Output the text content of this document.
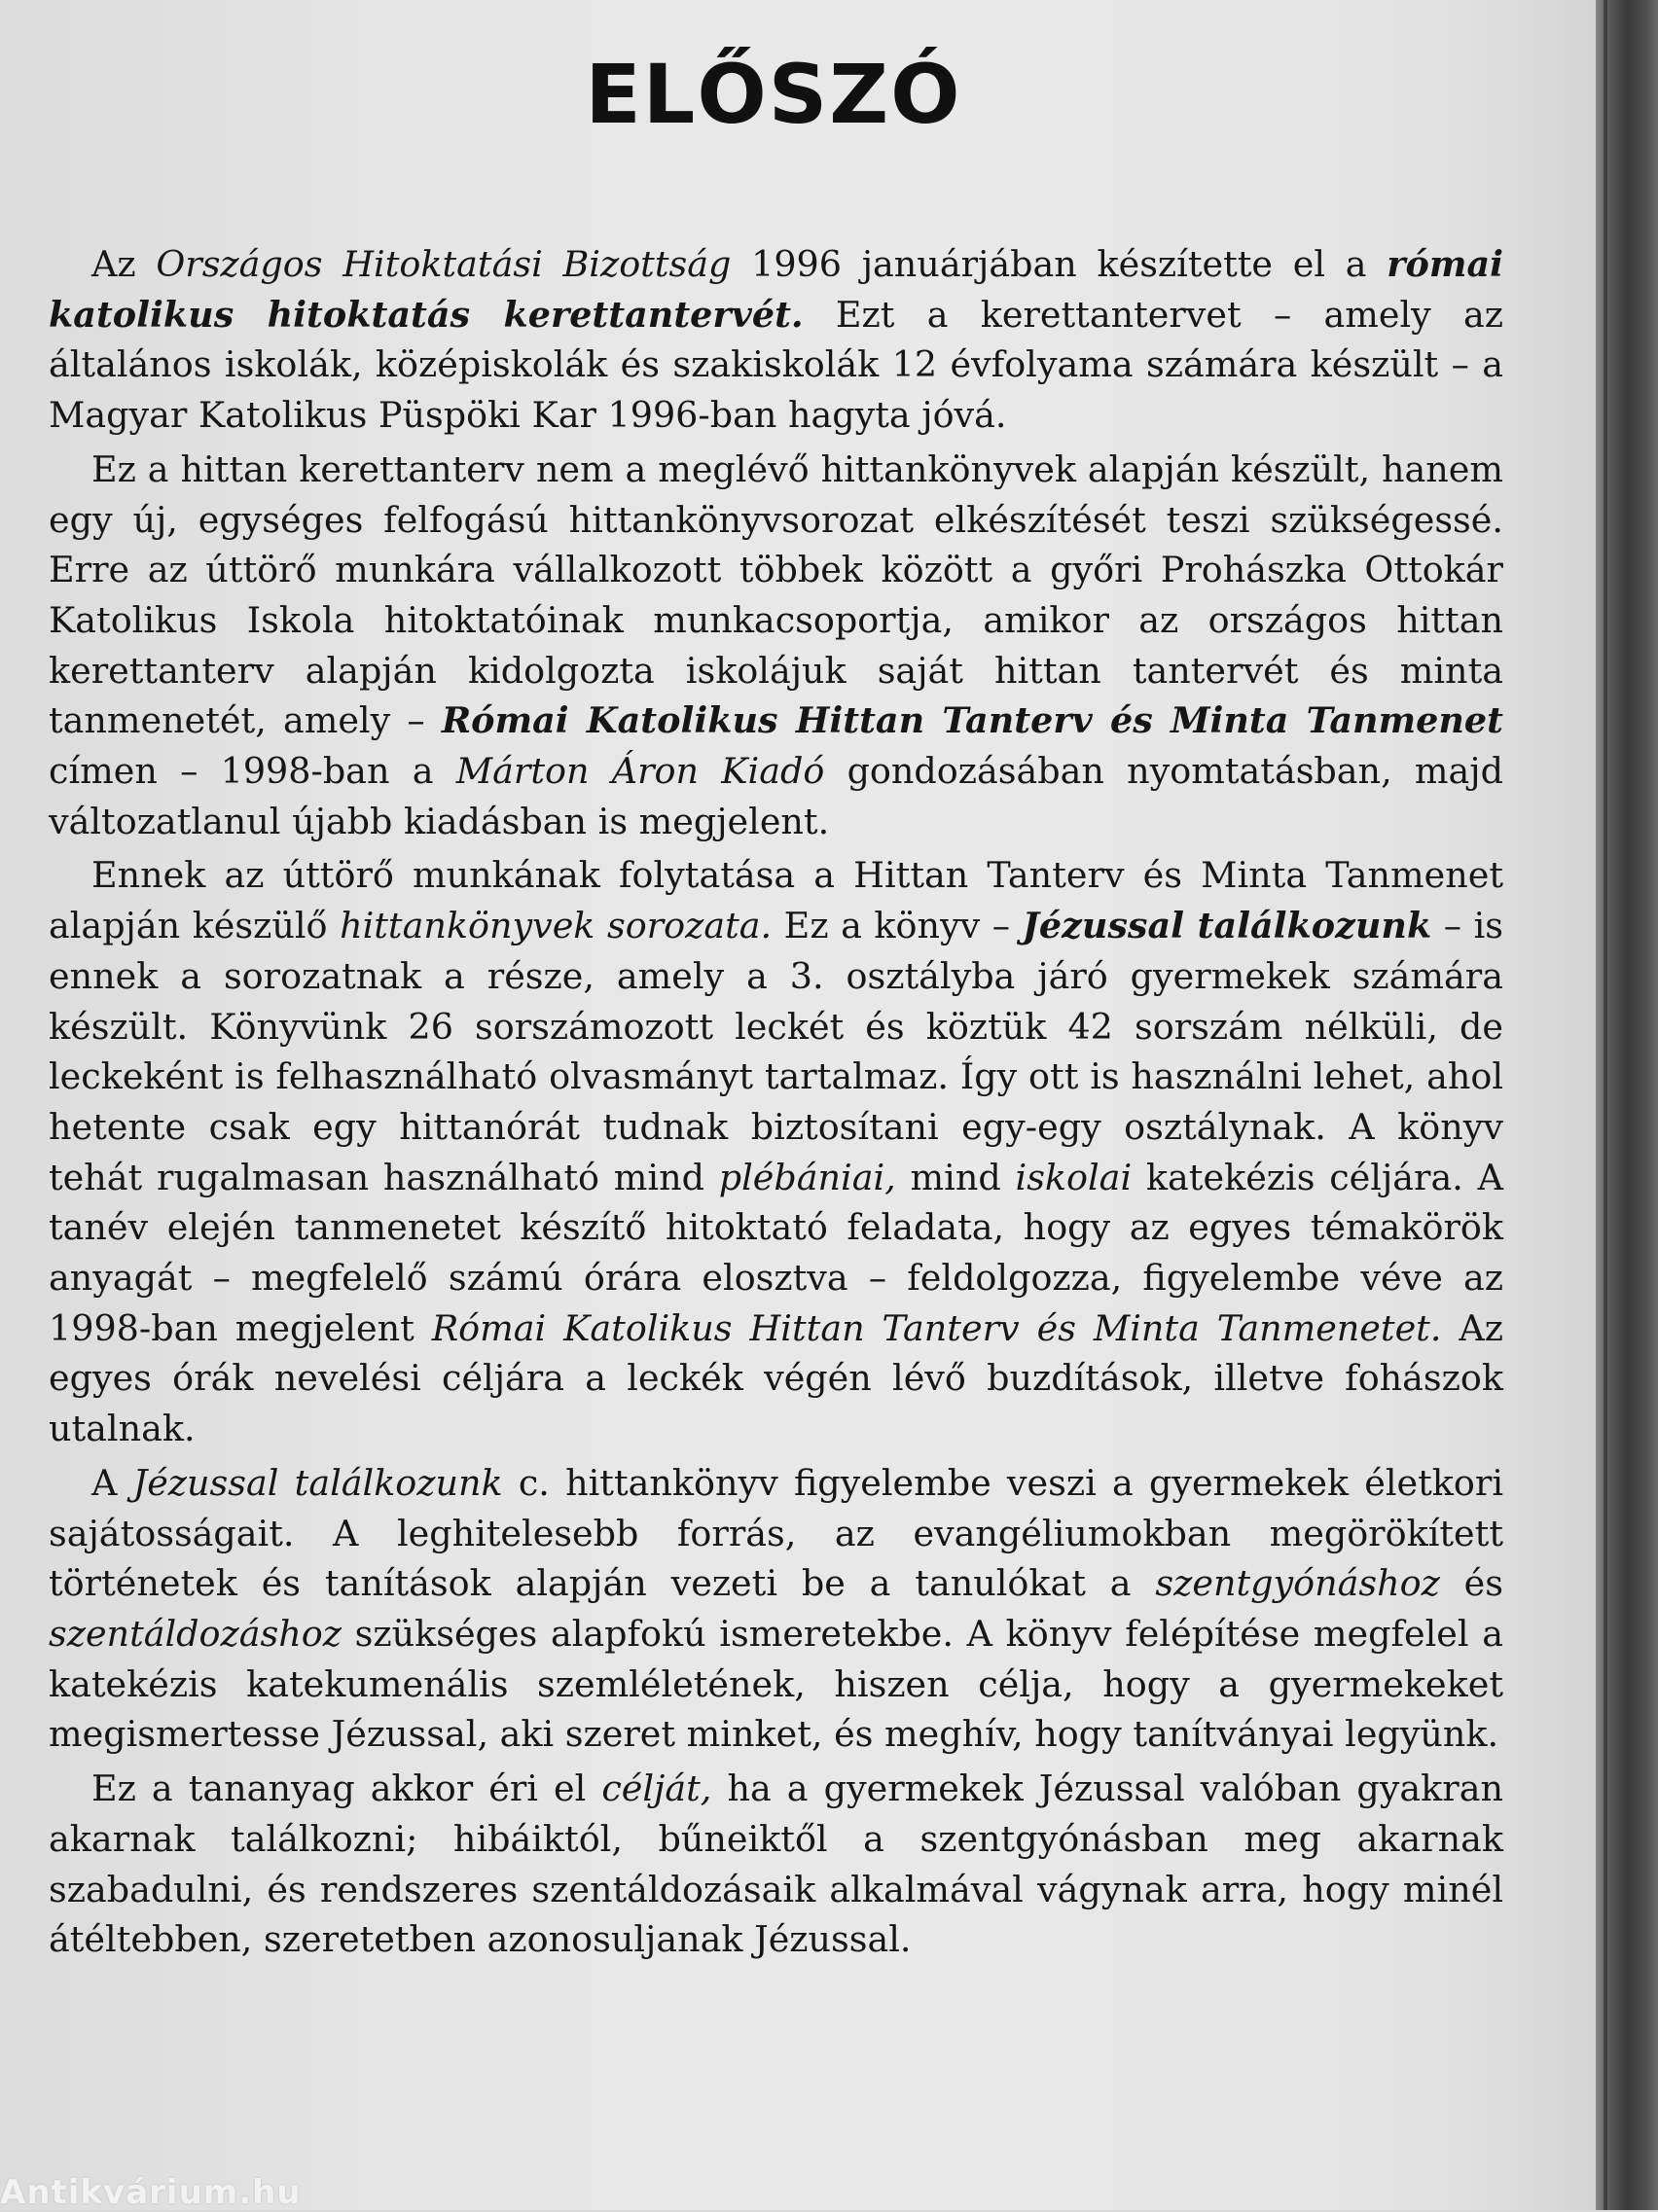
ELŐSZÓ

Az Országos Hitoktatási Bizottság 1996 januárjában készítette el a római katolikus hitoktatás kerettantervét. Ezt a kerettantervet – amely az általános iskolák, középiskolák és szakiskolák 12 évfolyama számára készült – a Magyar Katolikus Püspöki Kar 1996-ban hagyta jóvá.

Ez a hittan kerettanterv nem a meglévő hittankönyvek alapján készült, hanem egy új, egységes felfogású hittankönyvsorozat elkészítését teszi szükségessé. Erre az úttörő munkára vállalkozott többek között a győri Prohászka Ottokár Katolikus Iskola hitoktatóinak munkacsoportja, amikor az országos hittan kerettanterv alapján kidolgozta iskolájuk saját hittan tantervét és minta tanmenetét, amely – Római Katolikus Hittan Tanterv és Minta Tanmenet címen – 1998-ban a Márton Áron Kiadó gondozásában nyomtatásban, majd változatlanul újabb kiadásban is megjelent.

Ennek az úttörő munkának folytatása a Hittan Tanterv és Minta Tanmenet alapján készülő hittankönyvek sorozata. Ez a könyv – Jézussal találkozunk – is ennek a sorozatnak a része, amely a 3. osztályba járó gyermekek számára készült. Könyvünk 26 sorszámozott leckét és köztük 42 sorszám nélküli, de leckeként is felhasználható olvasmányt tartalmaz. Így ott is használni lehet, ahol hetente csak egy hittanórát tudnak biztosítani egy-egy osztálynak. A könyv tehát rugalmasan használható mind plébániai, mind iskolai katekézis céljára. A tanév elején tanmenetet készítő hitoktató feladata, hogy az egyes témakörök anyagát – megfelelő számú órára elosztva – feldolgozza, figyelembe véve az 1998-ban megjelent Római Katolikus Hittan Tanterv és Minta Tanmenetet. Az egyes órák nevelési céljára a leckék végén lévő buzdítások, illetve fohászok utalnak.

A Jézussal találkozunk c. hittankönyv figyelembe veszi a gyermekek életkori sajátosságait. A leghitelesebb forrás, az evangéliumokban megörökített történetek és tanítások alapján vezeti be a tanulókat a szentgyónáshoz és szentáldozáshoz szükséges alapfokú ismeretekbe. A könyv felépítése megfelel a katekézis katekumenális szemléletének, hiszen célja, hogy a gyermekeket megismertesse Jézussal, aki szeret minket, és meghív, hogy tanítványai legyünk.

Ez a tananyag akkor éri el célját, ha a gyermekek Jézussal valóban gyakran akarnak találkozni; hibáiktól, bűneiktől a szentgyónásban meg akarnak szabadulni, és rendszeres szentáldozásaik alkalmával vágynak arra, hogy minél átéltebben, szeretetben azonosuljanak Jézussal.

Antikvárium.hu
